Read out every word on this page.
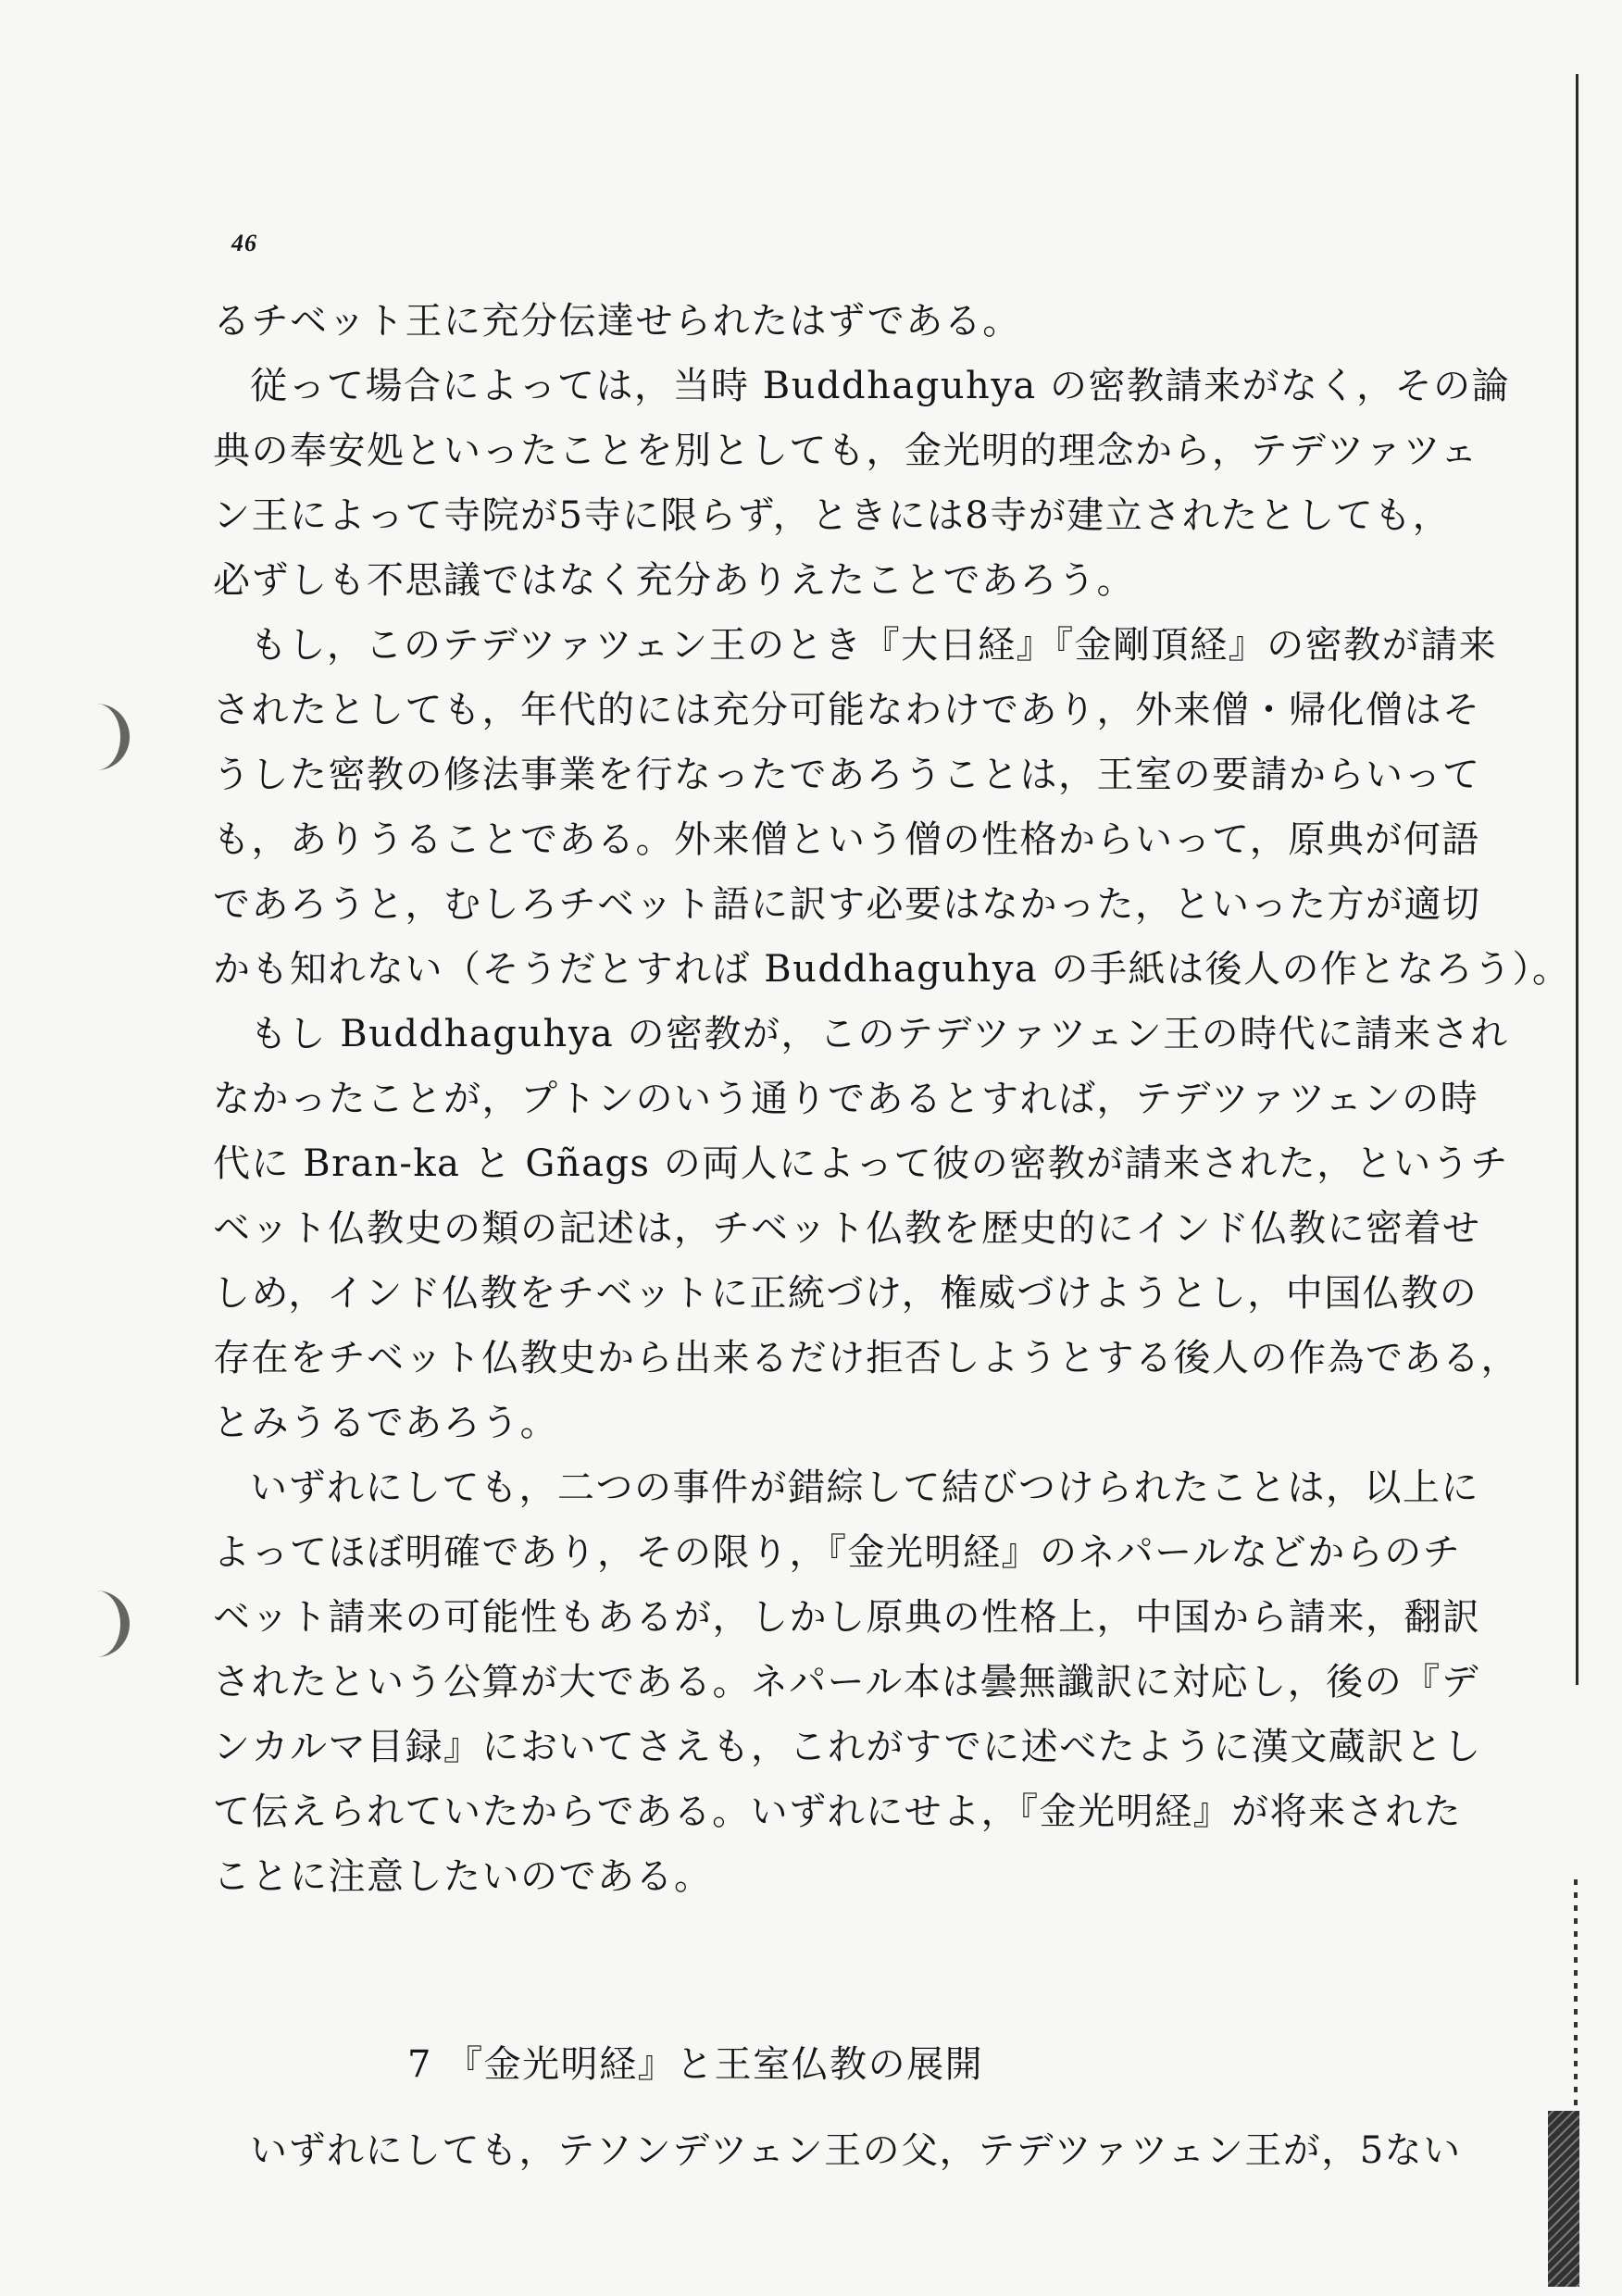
46
るチベット王に充分伝達せられたはずである。
従って場合によっては，当時 Buddhaguhya の密教請来がなく，その論
典の奉安処といったことを別としても，金光明的理念から，テデツァツェ
ン王によって寺院が5寺に限らず，ときには8寺が建立されたとしても，
必ずしも不思議ではなく充分ありえたことであろう。
もし，このテデツァツェン王のとき『大日経』『金剛頂経』の密教が請来
されたとしても，年代的には充分可能なわけであり，外来僧・帰化僧はそ
うした密教の修法事業を行なったであろうことは，王室の要請からいって
も，ありうることである。外来僧という僧の性格からいって，原典が何語
であろうと，むしろチベット語に訳す必要はなかった，といった方が適切
かも知れない（そうだとすれば Buddhaguhya の手紙は後人の作となろう）。
もし Buddhaguhya の密教が，このテデツァツェン王の時代に請来され
なかったことが，プトンのいう通りであるとすれば，テデツァツェンの時
代に Bran-ka と Gñags の両人によって彼の密教が請来された，というチ
ベット仏教史の類の記述は，チベット仏教を歴史的にインド仏教に密着せ
しめ，インド仏教をチベットに正統づけ，権威づけようとし，中国仏教の
存在をチベット仏教史から出来るだけ拒否しようとする後人の作為である，
とみうるであろう。
いずれにしても，二つの事件が錯綜して結びつけられたことは，以上に
よってほぼ明確であり，その限り，『金光明経』のネパールなどからのチ
ベット請来の可能性もあるが，しかし原典の性格上，中国から請来，翻訳
されたという公算が大である。ネパール本は曇無讖訳に対応し，後の『デ
ンカルマ目録』においてさえも，これがすでに述べたように漢文蔵訳とし
て伝えられていたからである。いずれにせよ，『金光明経』が将来された
ことに注意したいのである。
7 『金光明経』と王室仏教の展開
いずれにしても，テソンデツェン王の父，テデツァツェン王が，5ない
